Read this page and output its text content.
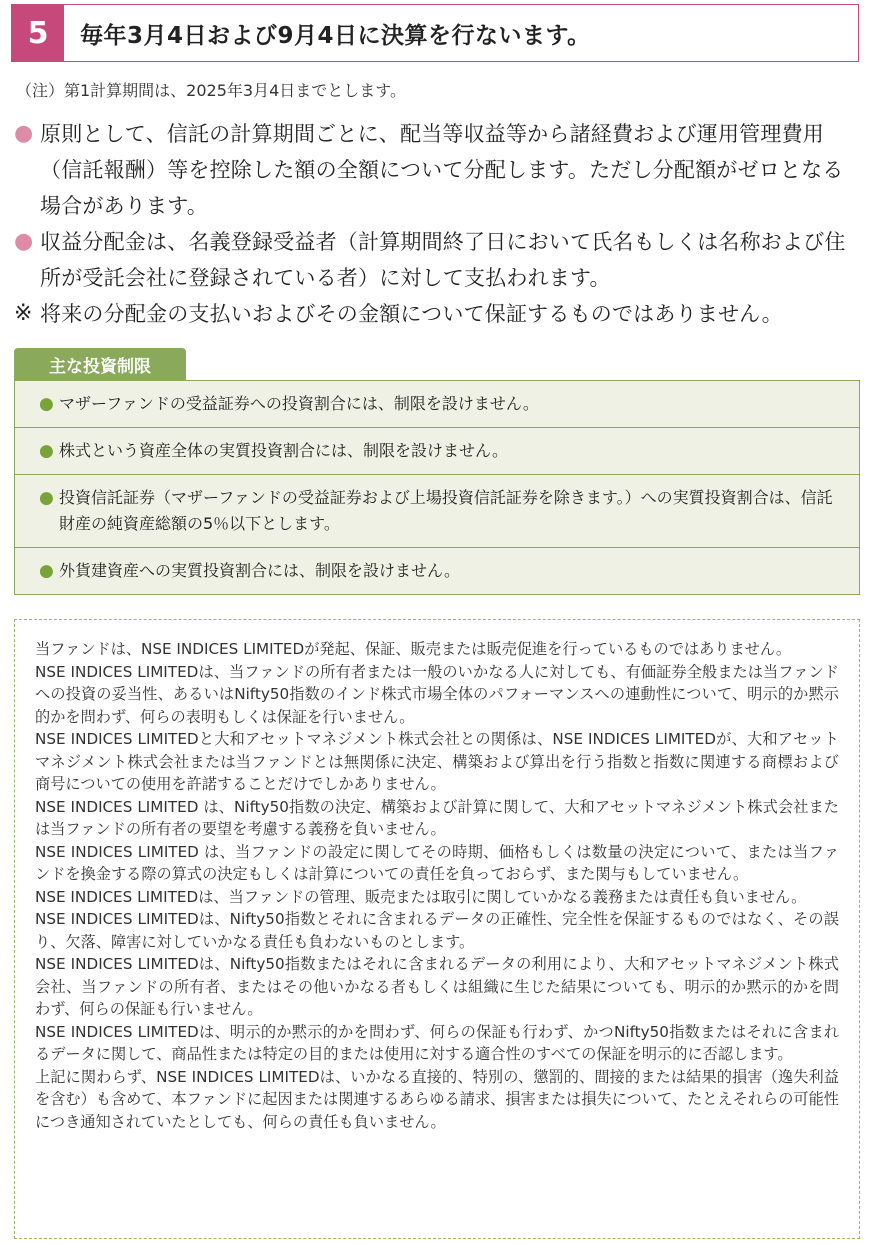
5	毎年3月4日および9月4日に決算を行ないます。
（注）第1計算期間は、2025年3月4日までとします。
● 原則として、信託の計算期間ごとに、配当等収益等から諸経費および運用管理費用（信託報酬）等を控除した額の全額について分配します。ただし分配額がゼロとなる場合があります。
● 収益分配金は、名義登録受益者（計算期間終了日において氏名もしくは名称および住所が受託会社に登録されている者）に対して支払われます。
※ 将来の分配金の支払いおよびその金額について保証するものではありません。
主な投資制限
● マザーファンドの受益証券への投資割合には、制限を設けません。
● 株式という資産全体の実質投資割合には、制限を設けません。
● 投資信託証券（マザーファンドの受益証券および上場投資信託証券を除きます。）への実質投資割合は、信託財産の純資産総額の5％以下とします。
● 外貨建資産への実質投資割合には、制限を設けません。

当ファンドは、NSE INDICES LIMITEDが発起、保証、販売または販売促進を行っているものではありません。

NSE INDICES LIMITEDは、当ファンドの所有者または一般のいかなる人に対しても、有価証券全般または当ファンドへの投資の妥当性、あるいはNifty50指数のインド株式市場全体のパフォーマンスへの連動性について、明示的か黙示的かを問わず、何らの表明もしくは保証を行いません。

NSE INDICES LIMITEDと大和アセットマネジメント株式会社との関係は、NSE INDICES LIMITEDが、大和アセットマネジメント株式会社または当ファンドとは無関係に決定、構築および算出を行う指数と指数に関連する商標および商号についての使用を許諾することだけでしかありません。

NSE INDICES LIMITED は、Nifty50指数の決定、構築および計算に関して、大和アセットマネジメント株式会社または当ファンドの所有者の要望を考慮する義務を負いません。

NSE INDICES LIMITED は、当ファンドの設定に関してその時期、価格もしくは数量の決定について、または当ファンドを換金する際の算式の決定もしくは計算についての責任を負っておらず、また関与もしていません。

NSE INDICES LIMITEDは、当ファンドの管理、販売または取引に関していかなる義務または責任も負いません。

NSE INDICES LIMITEDは、Nifty50指数とそれに含まれるデータの正確性、完全性を保証するものではなく、その誤り、欠落、障害に対していかなる責任も負わないものとします。

NSE INDICES LIMITEDは、Nifty50指数またはそれに含まれるデータの利用により、大和アセットマネジメント株式会社、当ファンドの所有者、またはその他いかなる者もしくは組織に生じた結果についても、明示的か黙示的かを問わず、何らの保証も行いません。

NSE INDICES LIMITEDは、明示的か黙示的かを問わず、何らの保証も行わず、かつNifty50指数またはそれに含まれるデータに関して、商品性または特定の目的または使用に対する適合性のすべての保証を明示的に否認します。

上記に関わらず、NSE INDICES LIMITEDは、いかなる直接的、特別の、懲罰的、間接的または結果的損害（逸失利益を含む）も含めて、本ファンドに起因または関連するあらゆる請求、損害または損失について、たとえそれらの可能性につき通知されていたとしても、何らの責任も負いません。
